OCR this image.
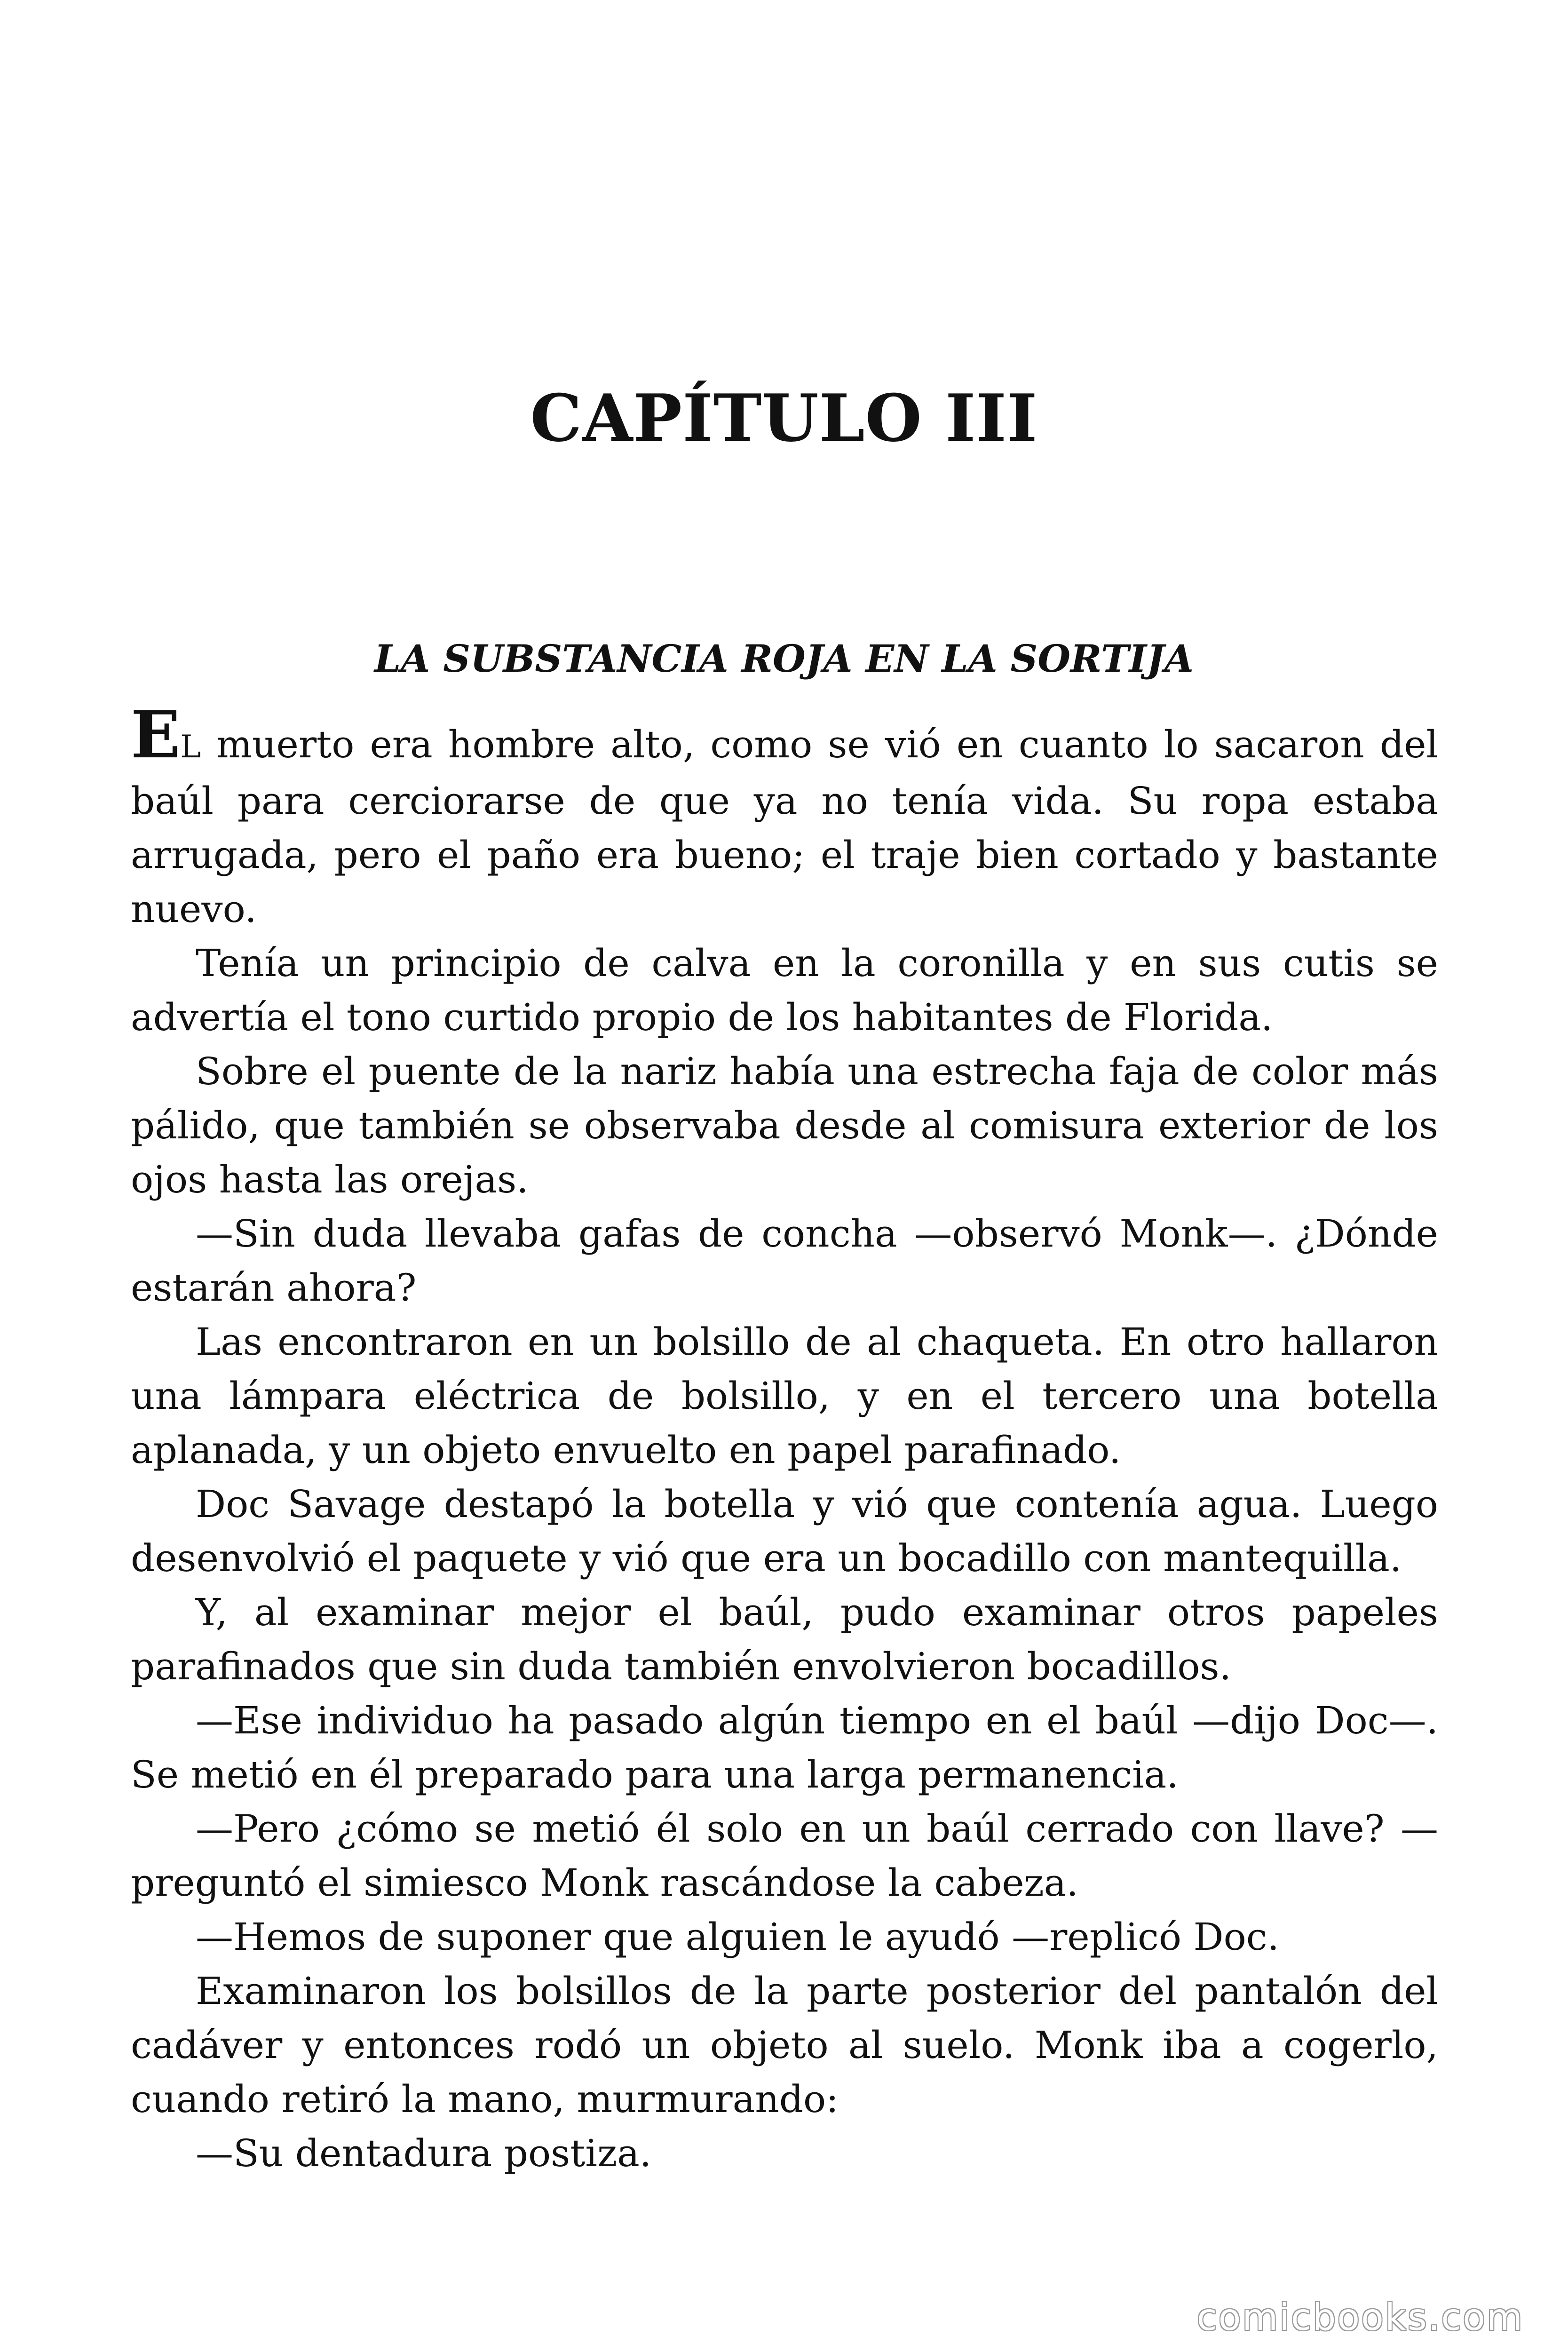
CAPÍTULO III
LA SUBSTANCIA ROJA EN LA SORTIJA

EL muerto era hombre alto, como se vió en cuanto lo sacaron del baúl para cerciorarse de que ya no tenía vida. Su ropa estaba arrugada, pero el paño era bueno; el traje bien cortado y bastante nuevo.

Tenía un principio de calva en la coronilla y en sus cutis se advertía el tono curtido propio de los habitantes de Florida.

Sobre el puente de la nariz había una estrecha faja de color más pálido, que también se observaba desde al comisura exterior de los ojos hasta las orejas.

—Sin duda llevaba gafas de concha —observó Monk—. ¿Dónde estarán ahora?

Las encontraron en un bolsillo de al chaqueta. En otro hallaron una lámpara eléctrica de bolsillo, y en el tercero una botella aplanada, y un objeto envuelto en papel parafinado.

Doc Savage destapó la botella y vió que contenía agua. Luego desenvolvió el paquete y vió que era un bocadillo con mantequilla.

Y, al examinar mejor el baúl, pudo examinar otros papeles parafinados que sin duda también envolvieron bocadillos.

—Ese individuo ha pasado algún tiempo en el baúl —dijo Doc—. Se metió en él preparado para una larga permanencia.

—Pero ¿cómo se metió él solo en un baúl cerrado con llave? —preguntó el simiesco Monk rascándose la cabeza.

—Hemos de suponer que alguien le ayudó —replicó Doc.

Examinaron los bolsillos de la parte posterior del pantalón del cadáver y entonces rodó un objeto al suelo. Monk iba a cogerlo, cuando retiró la mano, murmurando:

—Su dentadura postiza.

comicbooks.com
